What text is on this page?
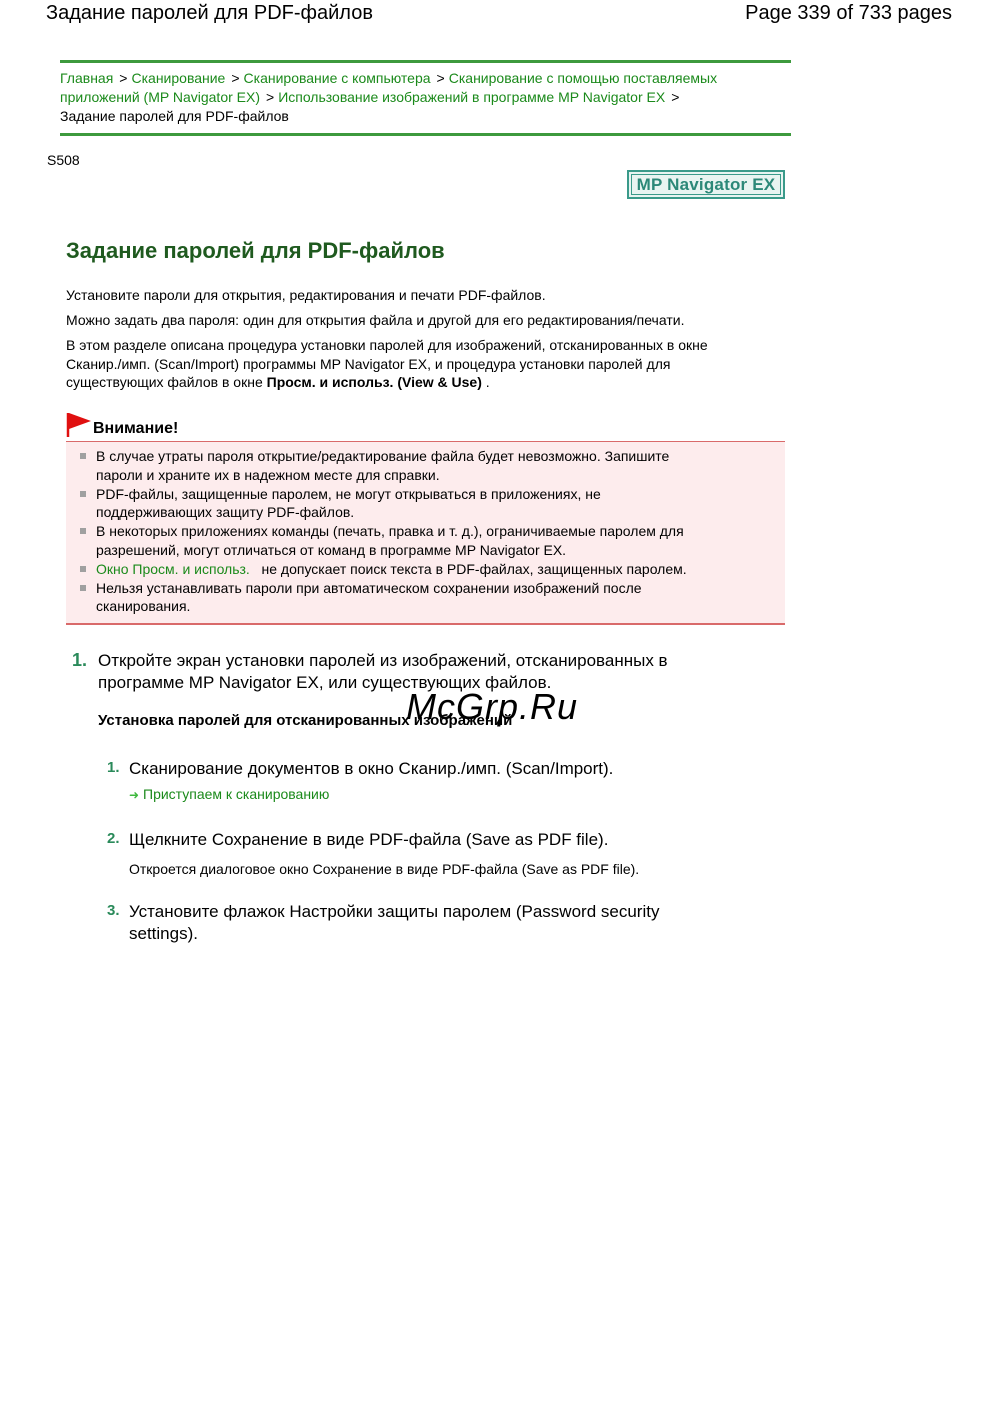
Задание паролей для PDF-файлов	Page 339 of 733 pages
Главная > Сканирование > Сканирование с компьютера > Сканирование с помощью поставляемых приложений (MP Navigator EX) > Использование изображений в программе MP Navigator EX >
Задание паролей для PDF-файлов
S508
MP Navigator EX
Задание паролей для PDF-файлов

Установите пароли для открытия, редактирования и печати PDF-файлов.

Можно задать два пароля: один для открытия файла и другой для его редактирования/печати.

В этом разделе описана процедура установки паролей для изображений, отсканированных в окне
Сканир./имп. (Scan/Import) программы MP Navigator EX, и процедура установки паролей для
существующих файлов в окне Просм. и использ. (View & Use) .

Внимание!
В случае утраты пароля открытие/редактирование файла будет невозможно. Запишите
пароли и храните их в надежном месте для справки.
PDF-файлы, защищенные паролем, не могут открываться в приложениях, не
поддерживающих защиту PDF-файлов.
В некоторых приложениях команды (печать, правка и т. д.), ограничиваемые паролем для
разрешений, могут отличаться от команд в программе MP Navigator EX.
Окно Просм. и использ. не допускает поиск текста в PDF-файлах, защищенных паролем.
Нельзя устанавливать пароли при автоматическом сохранении изображений после
сканирования.
1. Откройте экран установки паролей из изображений, отсканированных в
программе MP Navigator EX, или существующих файлов.
Установка паролей для отсканированных изображений
1. Сканирование документов в окно Сканир./имп. (Scan/Import).
➜ Приступаем к сканированию
2. Щелкните Сохранение в виде PDF-файла (Save as PDF file).
Откроется диалоговое окно Сохранение в виде PDF-файла (Save as PDF file).
3. Установите флажок Настройки защиты паролем (Password security
settings).
McGrp.Ru
